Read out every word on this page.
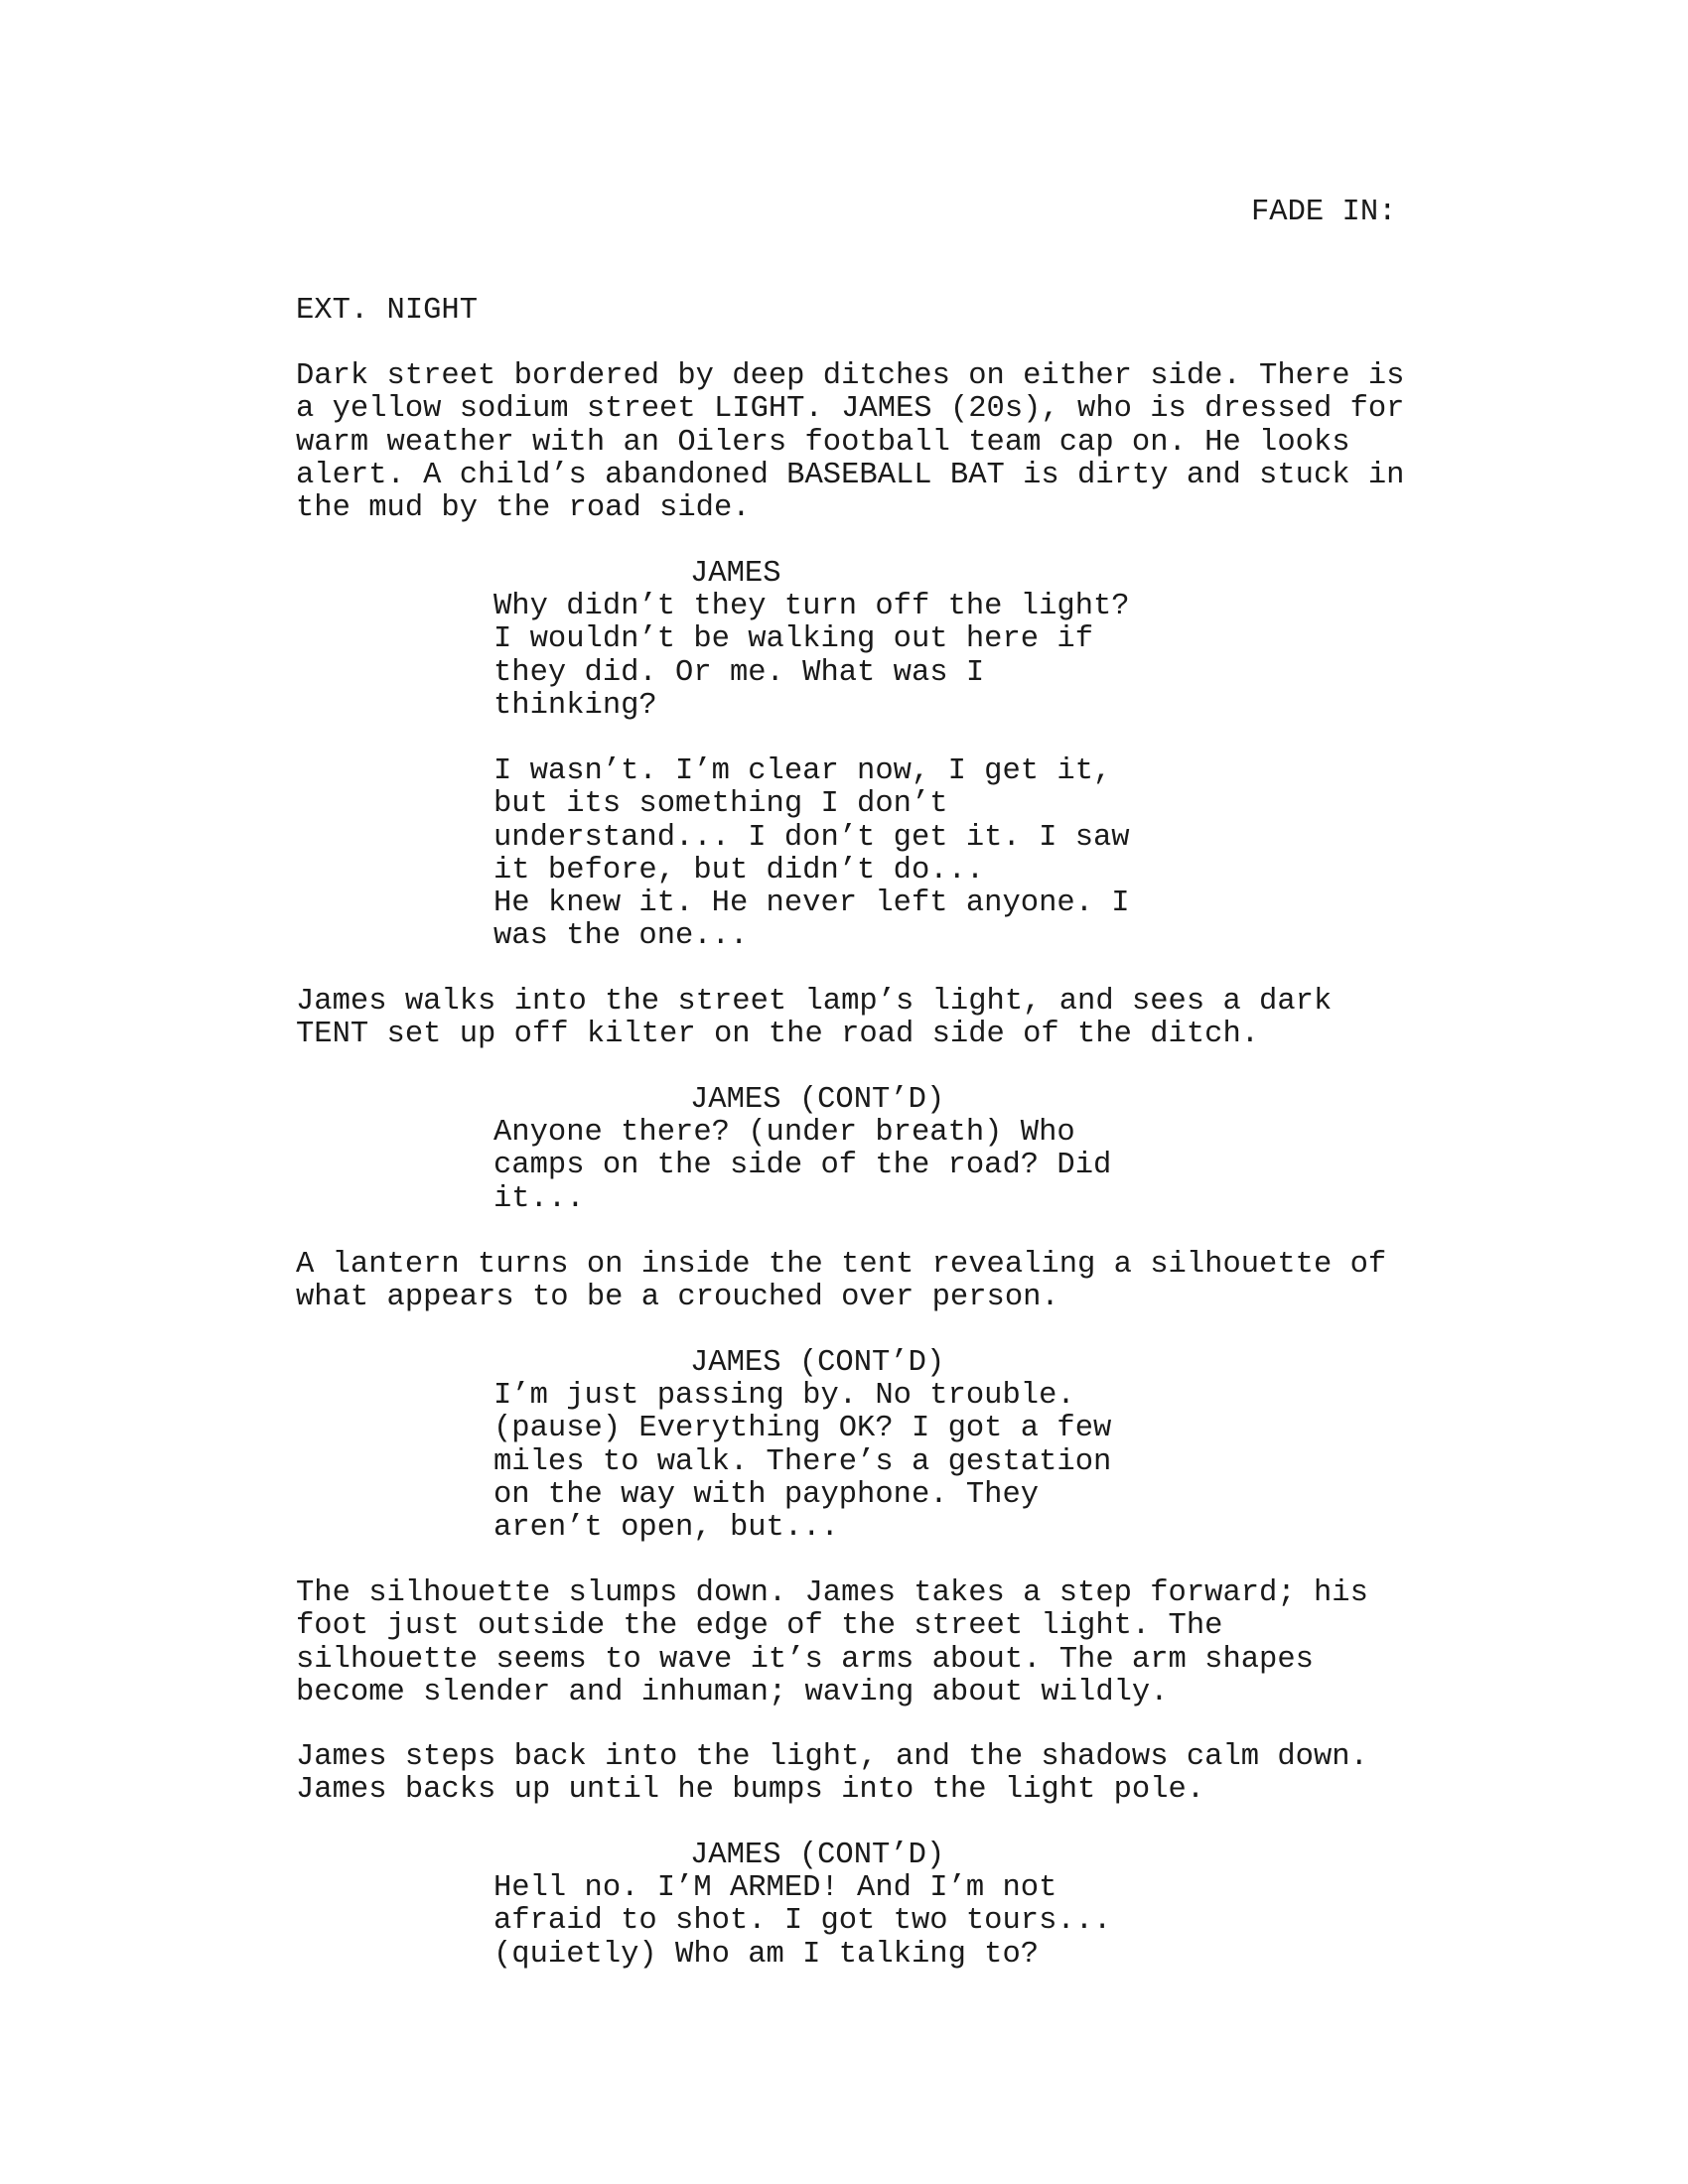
FADE IN:
EXT. NIGHT
Dark street bordered by deep ditches on either side. There is
a yellow sodium street LIGHT. JAMES (20s), who is dressed for
warm weather with an Oilers football team cap on. He looks
alert. A child’s abandoned BASEBALL BAT is dirty and stuck in
the mud by the road side.
JAMES
Why didn’t they turn off the light?
I wouldn’t be walking out here if
they did. Or me. What was I
thinking?
I wasn’t. I’m clear now, I get it,
but its something I don’t
understand... I don’t get it. I saw
it before, but didn’t do...
He knew it. He never left anyone. I
was the one...
James walks into the street lamp’s light, and sees a dark
TENT set up off kilter on the road side of the ditch.
JAMES (CONT’D)
Anyone there? (under breath) Who
camps on the side of the road? Did
it...
A lantern turns on inside the tent revealing a silhouette of
what appears to be a crouched over person.
JAMES (CONT’D)
I’m just passing by. No trouble.
(pause) Everything OK? I got a few
miles to walk. There’s a gestation
on the way with payphone. They
aren’t open, but...
The silhouette slumps down. James takes a step forward; his
foot just outside the edge of the street light. The
silhouette seems to wave it’s arms about. The arm shapes
become slender and inhuman; waving about wildly.
James steps back into the light, and the shadows calm down.
James backs up until he bumps into the light pole.
JAMES (CONT’D)
Hell no. I’M ARMED! And I’m not
afraid to shot. I got two tours...
(quietly) Who am I talking to?
